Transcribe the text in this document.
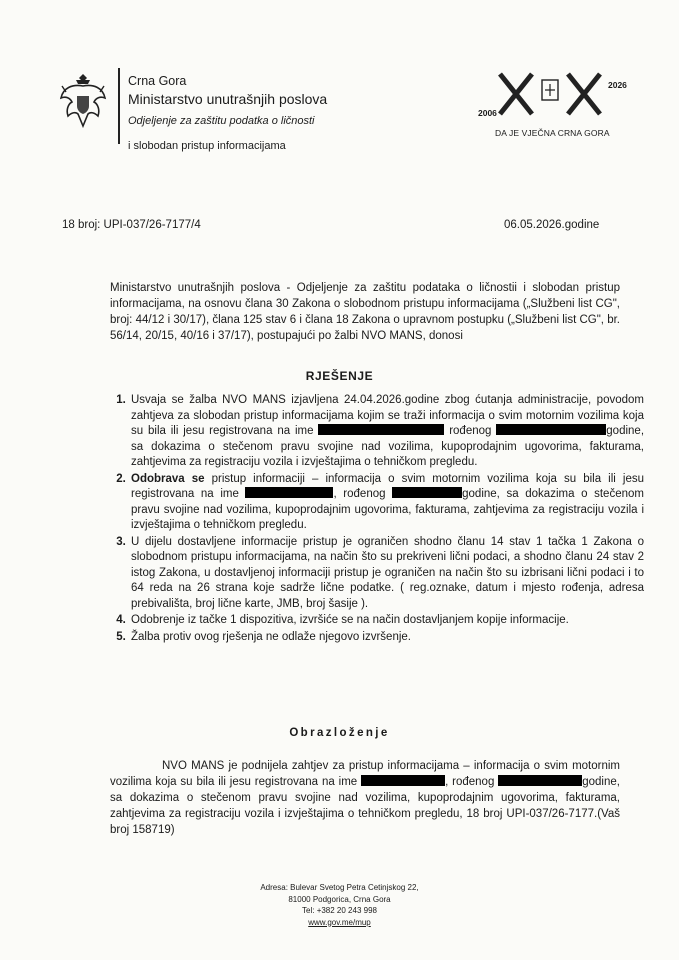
Crna Gora
Ministarstvo unutrašnjih poslova
Odjeljenje za zaštitu podatka o ličnosti
i slobodan pristup informacijama
2006
2026
DA JE VJEČNA CRNA GORA
18 broj: UPI-037/26-7177/4	06.05.2026.godine
Ministarstvo unutrašnjih poslova - Odjeljenje za zaštitu podataka o ličnostii i slobodan pristup informacijama, na osnovu člana 30 Zakona o slobodnom pristupu informacijama („Službeni list CG", broj: 44/12 i 30/17), člana 125 stav 6 i člana 18 Zakona o upravnom postupku („Službeni list CG", br. 56/14, 20/15, 40/16 i 37/17), postupajući po žalbi NVO MANS, donosi
RJEŠENJE
1. Usvaja se žalba NVO MANS izjavljena 24.04.2026.godine zbog ćutanja administracije, povodom zahtjeva za slobodan pristup informacijama kojim se traži informacija o svim motornim vozilima koja su bila ili jesu registrovana na ime	rođenog	godine, sa dokazima o stečenom pravu svojine nad vozilima, kupoprodajnim ugovorima, fakturama, zahtjevima za registraciju vozila i izvještajima o tehničkom pregledu.
2. Odobrava se pristup informaciji – informacija o svim motornim vozilima koja su bila ili jesu registrovana na ime	, rođenog	godine, sa dokazima o stečenom pravu svojine nad vozilima, kupoprodajnim ugovorima, fakturama, zahtjevima za registraciju vozila i izvještajima o tehničkom pregledu.
3. U dijelu dostavljene informacije pristup je ograničen shodno članu 14 stav 1 tačka 1 Zakona o slobodnom pristupu informacijama, na način što su prekriveni lični podaci, a shodno članu 24 stav 2 istog Zakona, u dostavljenoj informaciji pristup je ograničen na način što su izbrisani lični podaci i to 64 reda na 26 strana koje sadrže lične podatke. ( reg.oznake, datum i mjesto rođenja, adresa prebivališta, broj lične karte, JMB, broj šasije ).
4. Odobrenje iz tačke 1 dispozitiva, izvršiće se na način dostavljanjem kopije informacije.
5. Žalba protiv ovog rješenja ne odlaže njegovo izvršenje.
Obrazloženje
NVO MANS je podnijela zahtjev za pristup informacijama – informacija o svim motornim vozilima koja su bila ili jesu registrovana na ime	, rođenog	godine, sa dokazima o stečenom pravu svojine nad vozilima, kupoprodajnim ugovorima, fakturama, zahtjevima za registraciju vozila i izvještajima o tehničkom pregledu, 18 broj UPI-037/26-7177.(Vaš broj 158719)
Adresa: Bulevar Svetog Petra Cetinjskog 22,
81000 Podgorica, Crna Gora
Tel: +382 20 243 998
www.gov.me/mup
